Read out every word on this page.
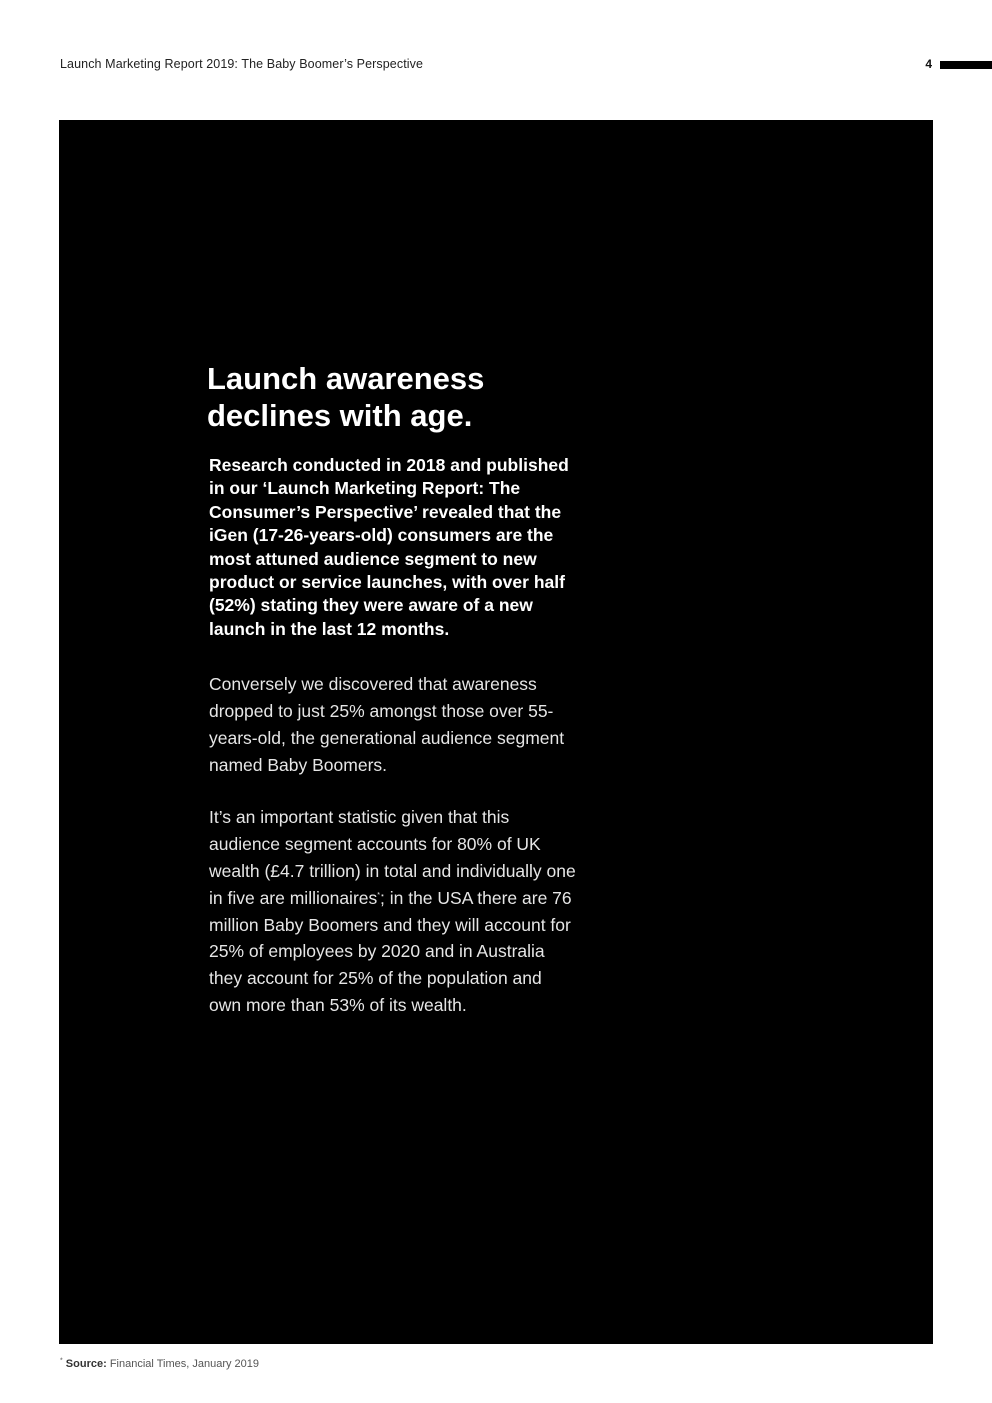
Launch Marketing Report 2019: The Baby Boomer’s Perspective	4
Launch awareness
declines with age.

Research conducted in 2018 and published in our ‘Launch Marketing Report: The Consumer’s Perspective’ revealed that the iGen (17-26-years-old) consumers are the most attuned audience segment to new product or service launches, with over half (52%) stating they were aware of a new launch in the last 12 months.

Conversely we discovered that awareness dropped to just 25% amongst those over 55-years-old, the generational audience segment named Baby Boomers.

It’s an important statistic given that this audience segment accounts for 80% of UK wealth (£4.7 trillion) in total and individually one in five are millionaires*; in the USA there are 76 million Baby Boomers and they will account for 25% of employees by 2020 and in Australia they account for 25% of the population and own more than 53% of its wealth.

* Source: Financial Times, January 2019
